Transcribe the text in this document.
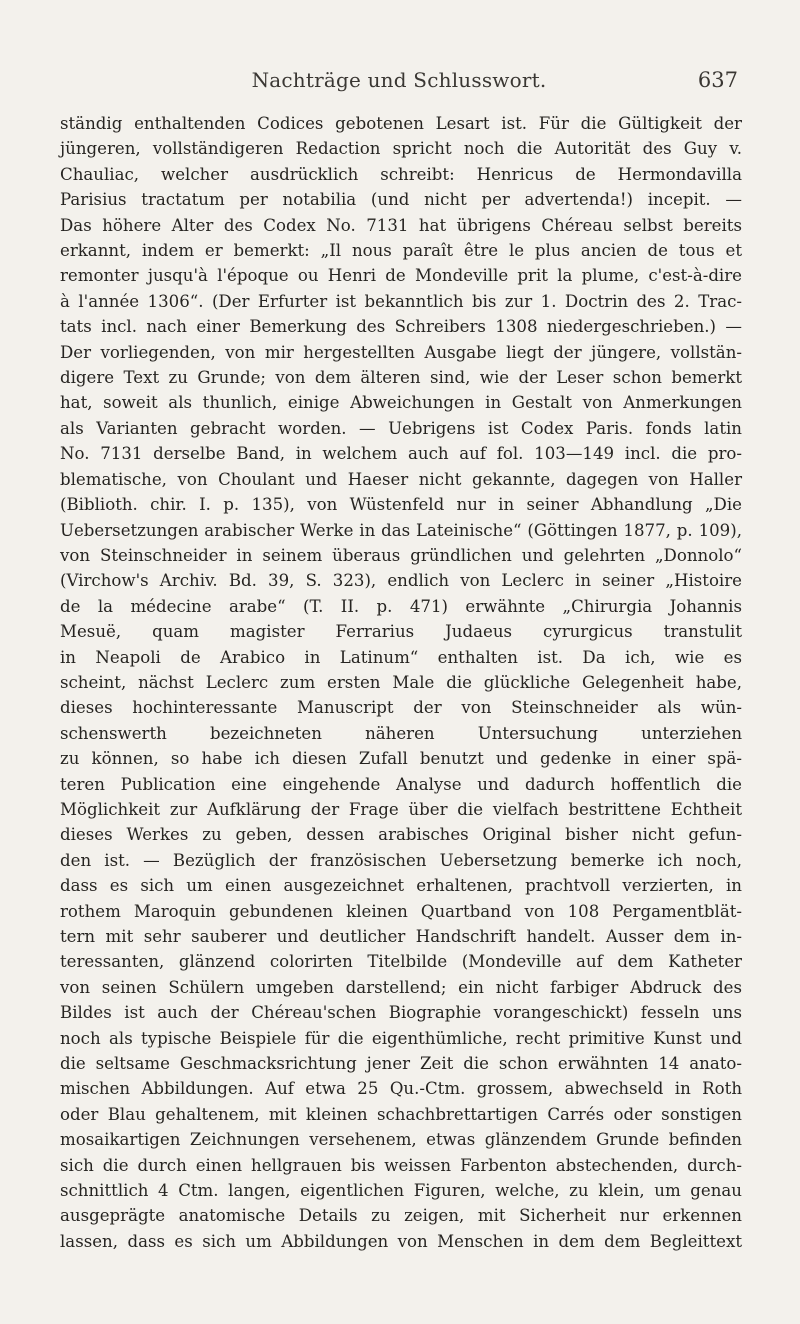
Nachträge und Schlusswort.	637
ständig enthaltenden Codices gebotenen Lesart ist. Für die Gültigkeit der
jüngeren, vollständigeren Redaction spricht noch die Autorität des Guy v.
Chauliac, welcher ausdrücklich schreibt: Henricus de Hermondavilla
Parisius tractatum per notabilia (und nicht per advertenda!) incepit. —
Das höhere Alter des Codex No. 7131 hat übrigens Chéreau selbst bereits
erkannt, indem er bemerkt: „Il nous paraît être le plus ancien de tous et
remonter jusqu'à l'époque ou Henri de Mondeville prit la plume, c'est-à-dire
à l'année 1306“. (Der Erfurter ist bekanntlich bis zur 1. Doctrin des 2. Trac-
tats incl. nach einer Bemerkung des Schreibers 1308 niedergeschrieben.) —
Der vorliegenden, von mir hergestellten Ausgabe liegt der jüngere, vollstän-
digere Text zu Grunde; von dem älteren sind, wie der Leser schon bemerkt
hat, soweit als thunlich, einige Abweichungen in Gestalt von Anmerkungen
als Varianten gebracht worden. — Uebrigens ist Codex Paris. fonds latin
No. 7131 derselbe Band, in welchem auch auf fol. 103—149 incl. die pro-
blematische, von Choulant und Haeser nicht gekannte, dagegen von Haller
(Biblioth. chir. I. p. 135), von Wüstenfeld nur in seiner Abhandlung „Die
Uebersetzungen arabischer Werke in das Lateinische“ (Göttingen 1877, p. 109),
von Steinschneider in seinem überaus gründlichen und gelehrten „Donnolo“
(Virchow's Archiv. Bd. 39, S. 323), endlich von Leclerc in seiner „Histoire
de la médecine arabe“ (T. II. p. 471) erwähnte „Chirurgia Johannis
Mesuë, quam magister Ferrarius Judaeus cyrurgicus transtulit
in Neapoli de Arabico in Latinum“ enthalten ist. Da ich, wie es
scheint, nächst Leclerc zum ersten Male die glückliche Gelegenheit habe,
dieses hochinteressante Manuscript der von Steinschneider als wün-
schenswerth bezeichneten näheren Untersuchung unterziehen
zu können, so habe ich diesen Zufall benutzt und gedenke in einer spä-
teren Publication eine eingehende Analyse und dadurch hoffentlich die
Möglichkeit zur Aufklärung der Frage über die vielfach bestrittene Echtheit
dieses Werkes zu geben, dessen arabisches Original bisher nicht gefun-
den ist. — Bezüglich der französischen Uebersetzung bemerke ich noch,
dass es sich um einen ausgezeichnet erhaltenen, prachtvoll verzierten, in
rothem Maroquin gebundenen kleinen Quartband von 108 Pergamentblät-
tern mit sehr sauberer und deutlicher Handschrift handelt. Ausser dem in-
teressanten, glänzend colorirten Titelbilde (Mondeville auf dem Katheter
von seinen Schülern umgeben darstellend; ein nicht farbiger Abdruck des
Bildes ist auch der Chéreau'schen Biographie vorangeschickt) fesseln uns
noch als typische Beispiele für die eigenthümliche, recht primitive Kunst und
die seltsame Geschmacksrichtung jener Zeit die schon erwähnten 14 anato-
mischen Abbildungen. Auf etwa 25 Qu.-Ctm. grossem, abwechseld in Roth
oder Blau gehaltenem, mit kleinen schachbrettartigen Carrés oder sonstigen
mosaikartigen Zeichnungen versehenem, etwas glänzendem Grunde befinden
sich die durch einen hellgrauen bis weissen Farbenton abstechenden, durch-
schnittlich 4 Ctm. langen, eigentlichen Figuren, welche, zu klein, um genau
ausgeprägte anatomische Details zu zeigen, mit Sicherheit nur erkennen
lassen, dass es sich um Abbildungen von Menschen in dem dem Begleittext
